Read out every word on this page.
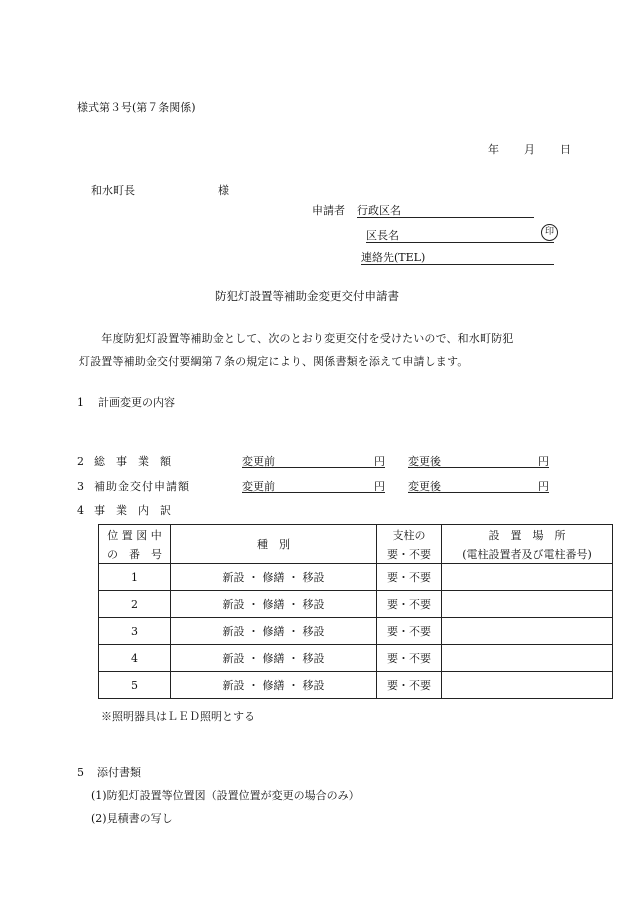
様式第３号(第７条関係)
年 月 日
和水町長	様
申請者 行政区名
区長名	印
連絡先(TEL)
防犯灯設置等補助金変更交付申請書
　　年度防犯灯設置等補助金として、次のとおり変更交付を受けたいので、和水町防犯
灯設置等補助金交付要綱第７条の規定により、関係書類を添えて申請します。
1 計画変更の内容
2 総　事　業　額	変更前	円 変更後	円
3 補助金交付申請額	変更前	円 変更後	円
4 事　業　内　訳
位 置 図 中	種　別	支柱の	設　置　場　所
の　番　号		要・不要	(電柱設置者及び電柱番号)
1	新設 ・ 修繕 ・ 移設	要・不要	
2	新設 ・ 修繕 ・ 移設	要・不要	
3	新設 ・ 修繕 ・ 移設	要・不要	
4	新設 ・ 修繕 ・ 移設	要・不要	
5	新設 ・ 修繕 ・ 移設	要・不要	
※照明器具はＬＥＤ照明とする
5 添付書類
(1)防犯灯設置等位置図（設置位置が変更の場合のみ）
(2)見積書の写し
